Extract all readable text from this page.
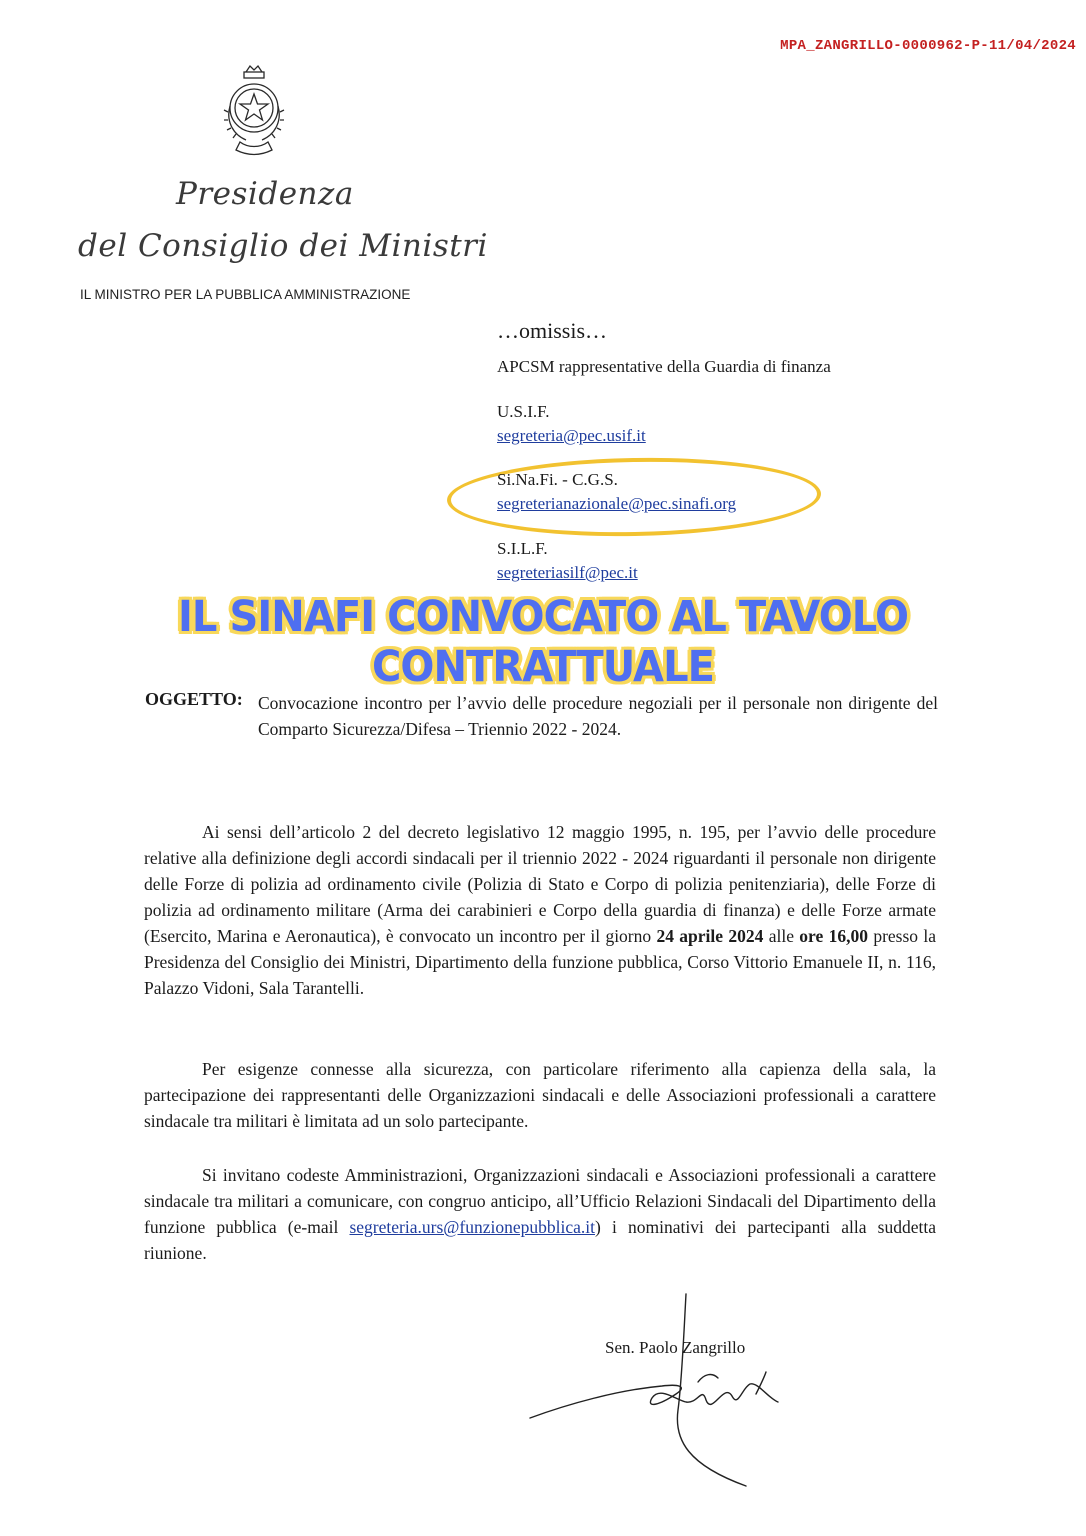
MPA_ZANGRILLO-0000962-P-11/04/2024
Presidenza
del Consiglio dei Ministri
IL MINISTRO PER LA PUBBLICA AMMINISTRAZIONE
…omissis…
APCSM rappresentative della Guardia di finanza
U.S.I.F.
segreteria@pec.usif.it
Si.Na.Fi. - C.G.S.
segreterianazionale@pec.sinafi.org
S.I.L.F.
segreteriasilf@pec.it
IL SINAFI CONVOCATO AL TAVOLO CONTRATTUALE
OGGETTO: Convocazione incontro per l’avvio delle procedure negoziali per il personale non dirigente del Comparto Sicurezza/Difesa – Triennio 2022 - 2024.
Ai sensi dell’articolo 2 del decreto legislativo 12 maggio 1995, n. 195, per l’avvio delle procedure relative alla definizione degli accordi sindacali per il triennio 2022 - 2024 riguardanti il personale non dirigente delle Forze di polizia ad ordinamento civile (Polizia di Stato e Corpo di polizia penitenziaria), delle Forze di polizia ad ordinamento militare (Arma dei carabinieri e Corpo della guardia di finanza) e delle Forze armate (Esercito, Marina e Aeronautica), è convocato un incontro per il giorno 24 aprile 2024 alle ore 16,00 presso la Presidenza del Consiglio dei Ministri, Dipartimento della funzione pubblica, Corso Vittorio Emanuele II, n. 116, Palazzo Vidoni, Sala Tarantelli.
Per esigenze connesse alla sicurezza, con particolare riferimento alla capienza della sala, la partecipazione dei rappresentanti delle Organizzazioni sindacali e delle Associazioni professionali a carattere sindacale tra militari è limitata ad un solo partecipante.
Si invitano codeste Amministrazioni, Organizzazioni sindacali e Associazioni professionali a carattere sindacale tra militari a comunicare, con congruo anticipo, all’Ufficio Relazioni Sindacali del Dipartimento della funzione pubblica (e-mail segreteria.urs@funzionepubblica.it) i nominativi dei partecipanti alla suddetta riunione.
Sen. Paolo Zangrillo
